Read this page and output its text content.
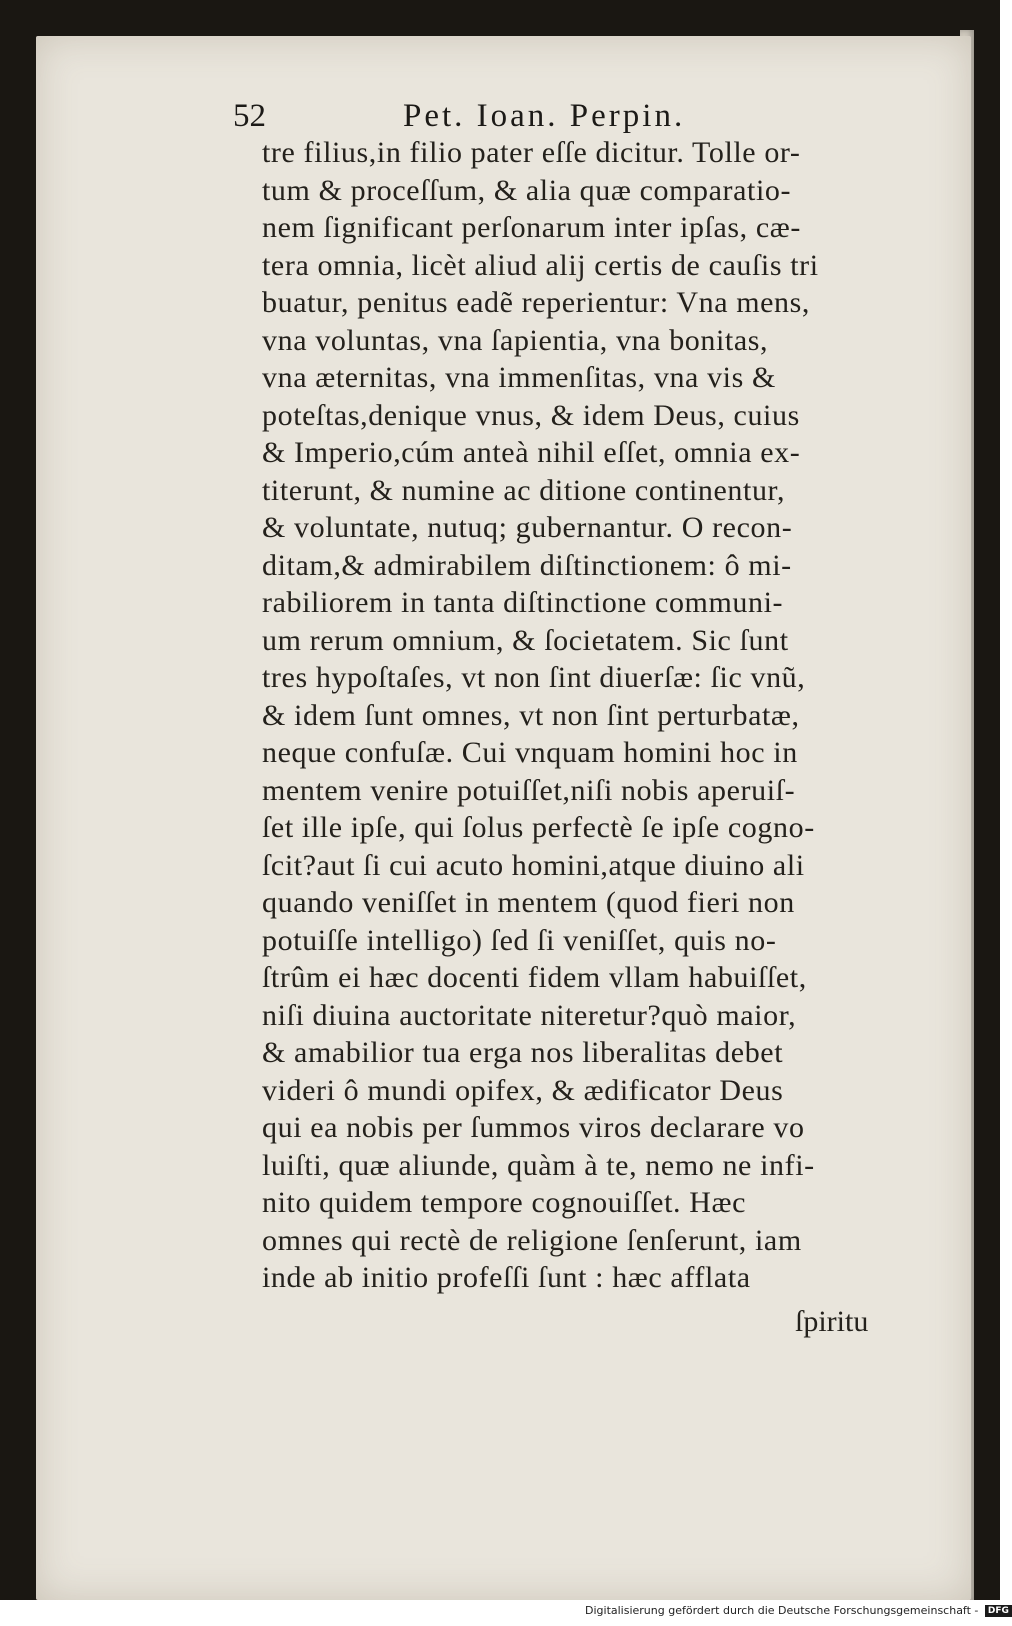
52	Pet. Ioan. Perpin.
tre filius,in filio pater eſſe dicitur. Tolle or-
tum & proceſſum, & alia quæ comparatio-
nem ſignificant perſonarum inter ipſas, cæ-
tera omnia, licèt aliud alij certis de cauſis tri
buatur, penitus eadẽ reperientur: Vna mens,
vna voluntas, vna ſapientia, vna bonitas,
vna æternitas, vna immenſitas, vna vis &
poteſtas,denique vnus, & idem Deus, cuius
& Imperio,cúm anteà nihil eſſet, omnia ex-
titerunt, & numine ac ditione continentur,
& voluntate, nutuq; gubernantur. O recon-
ditam,& admirabilem diſtinctionem: ô mi-
rabiliorem in tanta diſtinctione communi-
um rerum omnium, & ſocietatem. Sic ſunt
tres hypoſtaſes, vt non ſint diuerſæ: ſic vnũ,
& idem ſunt omnes, vt non ſint perturbatæ,
neque confuſæ. Cui vnquam homini hoc in
mentem venire potuiſſet,niſi nobis aperuiſ-
ſet ille ipſe, qui ſolus perfectè ſe ipſe cogno-
ſcit?aut ſi cui acuto homini,atque diuino ali
quando veniſſet in mentem (quod fieri non
potuiſſe intelligo) ſed ſi veniſſet, quis no-
ſtrûm ei hæc docenti fidem vllam habuiſſet,
niſi diuina auctoritate niteretur?quò maior,
& amabilior tua erga nos liberalitas debet
videri ô mundi opifex, & ædificator Deus
qui ea nobis per ſummos viros declarare vo
luiſti, quæ aliunde, quàm à te, nemo ne infi-
nito quidem tempore cognouiſſet. Hæc
omnes qui rectè de religione ſenſerunt, iam
inde ab initio profeſſi ſunt : hæc afflata
ſpiritu
Digitalisierung gefördert durch die Deutsche Forschungsgemeinschaft - DFG
